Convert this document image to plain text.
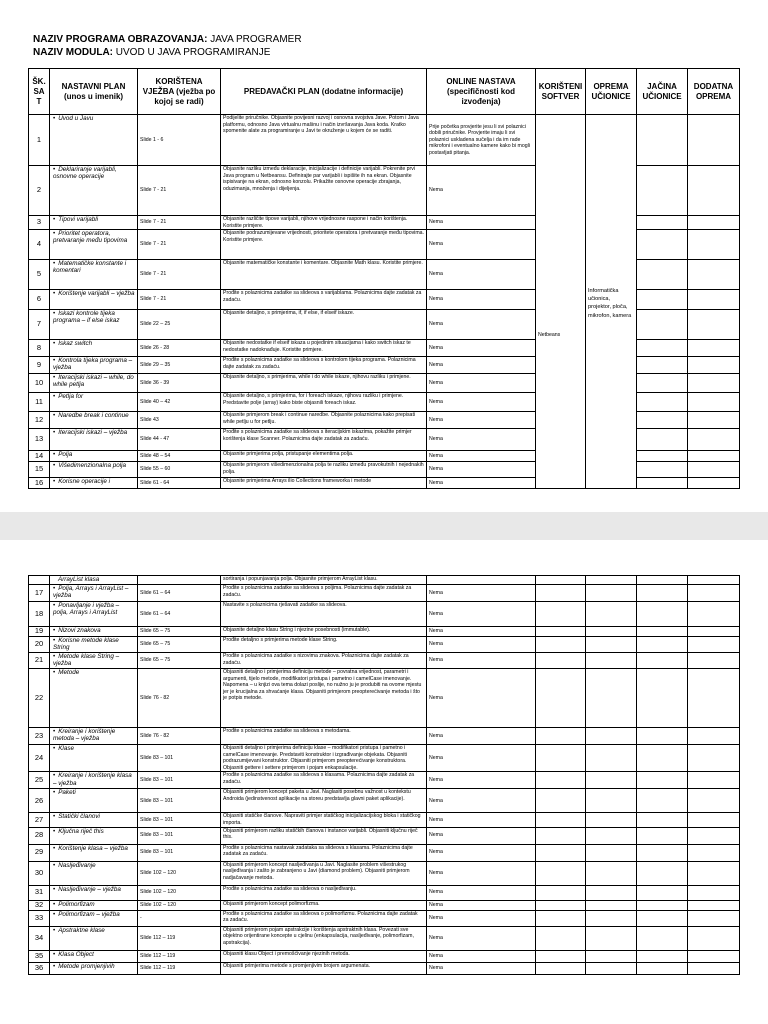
NAZIV PROGRAMA OBRAZOVANJA: JAVA PROGRAMER
NAZIV MODULA: UVOD U JAVA PROGRAMIRANJE
ŠK. SA T	NASTAVNI PLAN (unos u imenik)	KORIŠTENA VJEŽBA (vježba po kojoj se radi)	PREDAVAČKI PLAN (dodatne informacije)	ONLINE NASTAVA (specifičnosti kod izvođenja)	KORIŠTENI SOFTVER	OPREMA UČIONICE	JAČINA UČIONICE	DODATNA OPREMA
1	• Uvod u Javu	Slide 1 - 6	Podijelite priručnike. Objasnite povijesni razvoj i osnovna svojstva Jave. Potom i Java platformu, odnosno Java virtualnu mašinu i način izvršavanja Java koda. Kratko spomenite alate za programiranje u Javi te okruženje u kojem će se raditi.	Prije početka provjerite jesu li svi polaznici dobili priručnike. Provjerite imaju li svi polaznici uskladena sučelja i da im rade mikrofoni i eventualno kamere kako bi mogli postavljati pitanja.	Netbeans	Informatička učionica, projektor, ploča, mikrofon, kamera		
2	• Deklariranje varijabli, osnovne operacije	Slide 7 - 21	Objasnite razliku između deklaracije, inicijalizacije i definicije varijabli. Pokrenite prvi Java program u Netbeansu. Definirajte par varijabli i ispišite ih na ekran. Objasnite ispisivanje na ekran, odnosno konzolu. Prikažite osnovne operacije zbrajanja, oduzimanja, množenja i dijeljenja.	Nema				
3	• Tipovi varijabli	Slide 7 - 21	Objasnite različite tipove varijabli, njihove vrijednosne raspone i način korištenja. Koristite primjere.	Nema				
4	• Prioritet operatora, pretvaranje među tipovima	Slide 7 - 21	Objasnite podrazumijevane vrijednosti, prioritete operatora i pretvaranje među tipovima. Koristite primjere.	Nema				
5	• Matematičke konstante i komentari	Slide 7 - 21	Objasnite matematičke konstante i komentare. Objasnite Math klasu. Koristite primjere.	Nema				
6	• Korištenje varijabli – vježba	Slide 7 - 21	Prođite s polaznicima zadatke sa slideova s varijablama. Polaznicima dajte zadatak za zadaću.	Nema				
7	• Iskazi kontrole tijeka programa – if else iskaz	Slide 22 – 25	Objasnite detaljno, s primjerima, if, if else, if elseif iskaze.	Nema				
8	• Iskaz switch	Slide 26 - 28	Objasnite nedostatke if elseif iskaza u pojedinim situacijama i kako switch iskaz te nedostatke nadoknađuje. Koristite primjere.	Nema				
9	• Kontrola tijeka programa – vježba	Slide 29 – 35	Prođite s polaznicima zadatke sa slideova s kontrolom tijeka programa. Polaznicima dajte zadatak za zadaću.	Nema				
10	• Iteracijski iskazi – while, do while petlja	Slide 36 - 39	Objasnite detaljno, s primjerima, while i do while iskaze, njihovu razliku i primjene.	Nema				
11	• Petlja for	Slide 40 – 42	Objasnite detaljno, s primjerima, for i foreach iskaze, njihovu razliku i primjene. Predstavite polje (array) kako biste objasnili foreach iskaz.	Nema				
12	• Naredbe break i continue	Slide 43	Objasnite primjerom break i continue naredbe. Objasnite polaznicima kako prepisati while petlju u for petlju.	Nema				
13	• Iteracijski iskazi – vježba	Slide 44 - 47	Prođite s polaznicima zadatke sa slideova s iteracijskim iskazima, pokažite primjer korištenja klase Scanner. Polaznicima dajte zadatak za zadaću.	Nema				
14	• Polja	Slide 48 – 54	Objasnite primjerima polja, pristupanje elementima polja.	Nema				
15	• Višedimenzionalna polja	Slide 55 – 60	Objasnite primjerom višedimenzionalna polja te razliku između pravokutnih i nejednakih polja.	Nema				
16	• Korisne operacije i	Slide 61 - 64	Objasnite primjerima Arrays ilio Collections frameworka i metode	Nema				
	ArrayList klasa		sortiranja i popunjavanja polja. Objasnite primjerom ArrayList klasu.					
17	• Polja, Arrays i ArrayList – vježba	Slide 61 – 64	Prođite s polaznicima zadatke sa slideova s poljima. Polaznicima dajte zadatak za zadaću.	Nema				
18	• Ponavljanje i vježba – polja, Arrays i ArrayList	Slide 61 – 64	Nastavite s polaznicima rješavati zadatke sa slideova.	Nema				
19	• Nizovi znakova	Slide 65 – 75	Objasnite detaljno klasu String i njezine posebnosti (immutable).	Nema				
20	• Korisne metode klase String	Slide 65 – 75	Prođite detaljno s primjerima metode klase String.	Nema				
21	• Metode klase String – vježba	Slide 65 – 75	Prođite s polaznicima zadatke s nizovima znakova. Polaznicima dajte zadatak za zadaću.	Nema				
22	• Metode	Slide 76 - 82	Objasniti detaljno i primjerima definiciju metode – povratna vrijednost, parametri i argumenti, tijelo metode, modifikatori pristupa i pametno i camelCase imenovanje. Napomena – u knjizi ova tema dolazi poslije, no nužno ju je produbiti na ovome mjestu jer je krucijalna za shvaćanje klasa. Objasniti primjerom preopterećivanje metoda i što je potpis metode.	Nema				
23	• Kreiranje i korištenje metoda – vježba	Slide 76 - 82	Prođite s polaznicima zadatke sa slideova s metodama.	Nema				
24	• Klase	Slide 83 – 101	Objasniti detaljno i primjerima definiciju klase – modifikatori pristupa i pametno i camelCase imenovanje. Predstaviti konstruktor i izgrađivanje objekata. Objasniti podrazumijevani konstruktor. Objasniti primjerom preopterećivanje konstruktora. Objasniti gettere i settere primjerom i pojam enkapsulacije.	Nema				
25	• Kreiranje i korištenje klasa – vježba	Slide 83 – 101	Prođite s polaznicima zadatke sa slideova s klasama. Polaznicima dajte zadatak za zadaću.	Nema				
26	• Paketi	Slide 83 – 101	Objasniti primjerom koncept paketa u Javi. Naglasiti posebnu važnost u kontekstu Androida (jedinstvenost aplikacije na storeu predstavlja glavni paket aplikacije).	Nema				
27	• Statički članovi	Slide 83 – 101	Objasniti statičke članove. Napraviti primjer statičkog inicijalizacijskog bloka i statičkog importa.	Nema				
28	• Ključna riječ this	Slide 83 – 101	Objasniti primjerom razliku statičkih članova i instance varijabli. Objasniti ključnu riječ this.	Nema				
29	• Korištenje klasa – vježba	Slide 83 – 101	Prođite s polaznicima nastavak zadataka sa slideova s klasama. Polaznicima dajte zadatak za zadaću.	Nema				
30	• Nasljeđivanje	Slide 102 – 120	Objasniti primjerom koncept nasljeđivanja u Javi. Naglasite problem višestrukog nasljeđivanja i zašto je zabranjeno u Javi (diamond problem). Objasniti primjerom nadjačavanje metoda.	Nema				
31	• Nasljeđivanje – vježba	Slide 102 – 120	Prođite s polaznicima zadatke sa slideova o nasljeđivanju.	Nema				
32	• Polimorfizam	Slide 102 – 120	Objasniti primjerom koncept polimorfizma.	Nema				
33	• Polimorfizam – vježba	-	Prođite s polaznicima zadatke sa slideova o polimorfizmu. Polaznicima dajte zadatak za zadaću.	Nema				
34	• Apstraktne klase	Slide 112 – 119	Objasniti primjerom pojam apstrakcije i korištenja apstraktnih klasa. Povezati sve objektno orijentirane koncepte u cjelinu (enkapsulacija, nasljeđivanje, polimorfizam, apstrakcija).	Nema				
35	• Klasa Object	Slide 112 – 119	Objasniti klasu Object i premošćivanje njezinih metoda.	Nema				
36	• Metode promjenjivih	Slide 112 – 119	Objasniti primjerima metode s promjenjivim brojem argumenata.	Nema				
